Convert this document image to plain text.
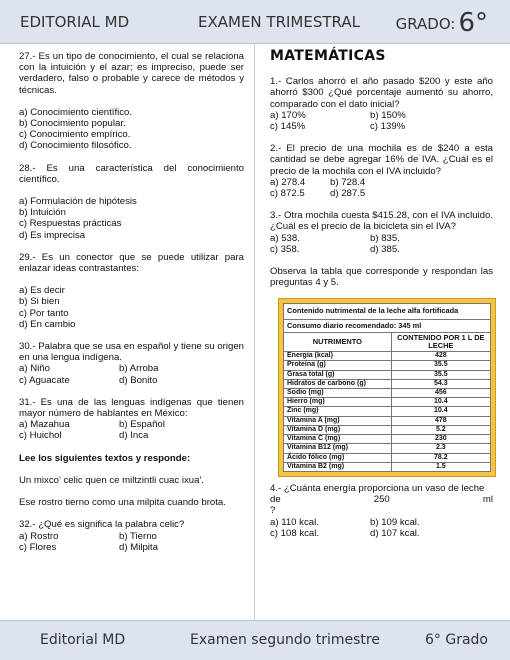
EDITORIAL MD	EXAMEN TRIMESTRAL GRADO: 6°

27.- Es un tipo de conocimiento, el cual se relaciona con la intuición y el azar; es impreciso, puede ser verdadero, falso o probable y carece de métodos y técnicas.

a) Conocimiento científico.
b) Conocimiento popular.
c) Conocimiento empírico.
d) Conocimiento filosófico.

28.- Es una característica del conocimiento científico.

a) Formulación de hipótesis
b) Intuición
c) Respuestas prácticas
d) Es imprecisa

29.- Es un conector que se puede utilizar para enlazar ideas contrastantes:

a) Es decir
b) Si bien
c) Por tanto
d) En cambio

30.- Palabra que se usa en español y tiene su origen en una lengua indígena.

a) Niño	b) Arroba
c) Aguacate	d) Bonito

31.- Es una de las lenguas indígenas que tienen mayor número de hablantes en México:

a) Mazahua	b) Español
c) Huichol	d) Inca

Lee los siguientes textos y responde:

Un mixco' celic quen ce miltzintli cuac ixua'.

Ese rostro tierno como una milpita cuando brota.

32.- ¿Qué es significa la palabra celic?

a) Rostro	b) Tierno
c) Flores	d) Milpita
MATEMÁTICAS

1.- Carlos ahorró el año pasado $200 y este año ahorró $300 ¿Qué porcentaje aumentó su ahorro, comparado con el dato inicial?

a) 170%	b) 150%
c) 145%	c) 139%

2.- El precio de una mochila es de $240 a esta cantidad se debe agregar 16% de IVA. ¿Cuál es el precio de la mochila con el IVA incluido?

a) 278.4	b) 728.4
c) 872.5	d) 287.5

3.- Otra mochila cuesta $415.28, con el IVA incluido. ¿Cuál es el precio de la bicicleta sin el IVA?

a) 538.	b) 835.
c) 358.	d) 385.

Observa la tabla que corresponde y respondan las preguntas 4 y 5.

Contenido nutrimental de la leche alfa fortificada	
Consumo diario recomendado: 345 ml	
NUTRIMENTO	CONTENIDO POR 1 L DE LECHE
Energía (kcal)	428
Proteína (g)	35.5
Grasa total (g)	35.5
Hidratos de carbono (g)	54.3
Sodio (mg)	456
Hierro (mg)	10.4
Zinc (mg)	10.4
Vitamina A (mg)	478
Vitamina D (mg)	5.2
Vitamina C (mg)	230
Vitamina B12 (mg)	2.3
Ácido fólico (mg)	78.2
Vitamina B2 (mg)	1.5

4.- ¿Cuánta energía proporciona un vaso de leche

de	250	ml

?

a) 110 kcal.	b) 109 kcal.
c) 108 kcal.	d) 107 kcal.
Editorial MD	Examen segundo trimestre	6° Grado
